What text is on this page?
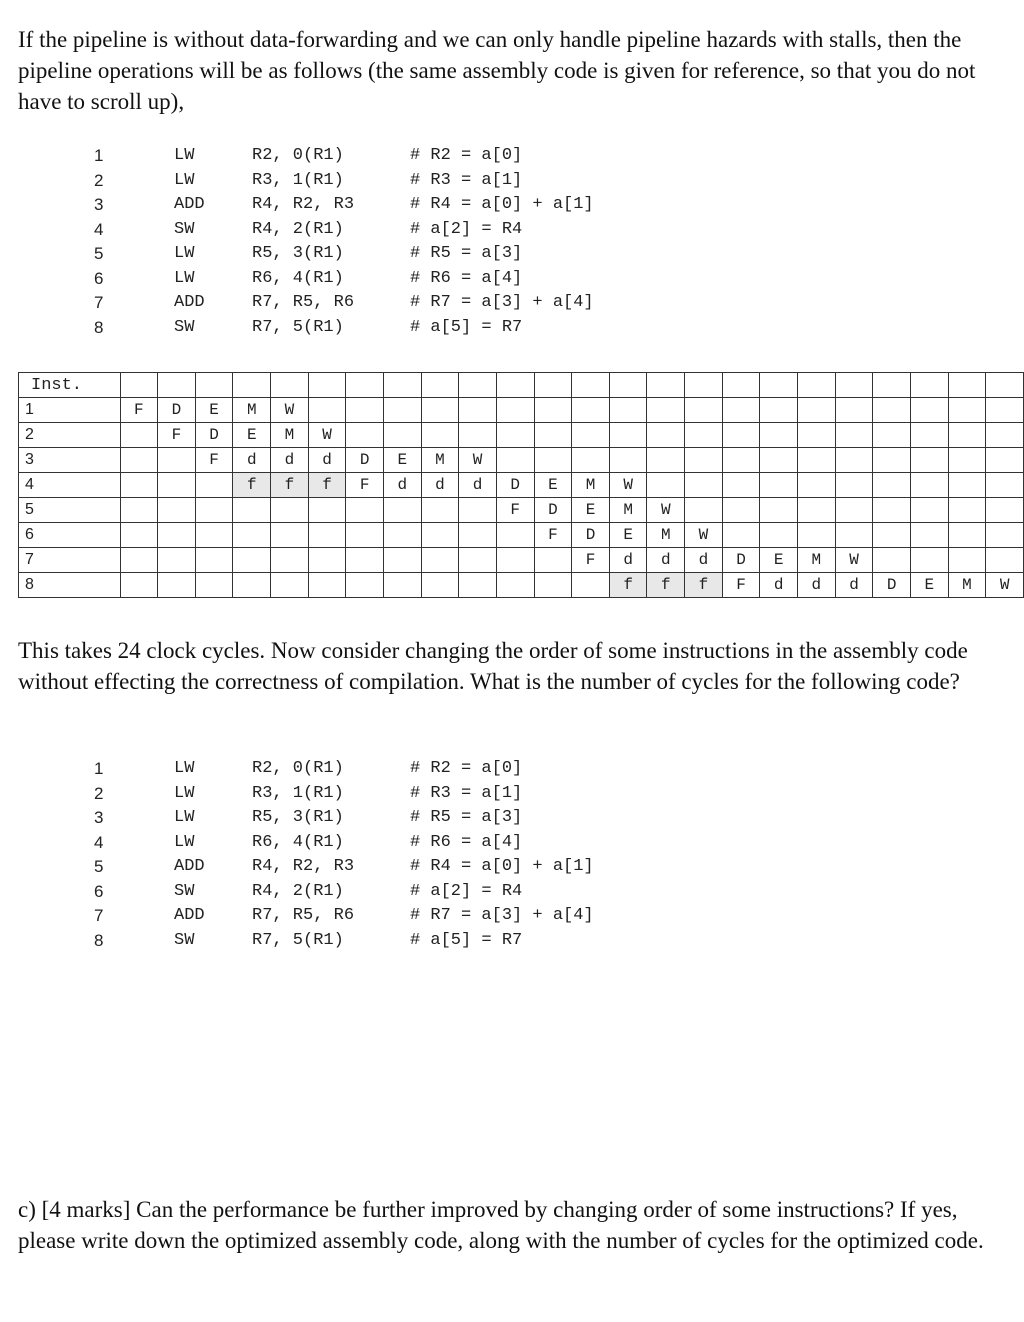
If the pipeline is without data-forwarding and we can only handle pipeline hazards with stalls, then the pipeline operations will be as follows (the same assembly code is given for reference, so that you do not have to scroll up),

1	LW	R2, 0(R1)	# R2 = a[0]
2	LW	R3, 1(R1)	# R3 = a[1]
3	ADD	R4, R2, R3	# R4 = a[0] + a[1]
4	SW	R4, 2(R1)	# a[2] = R4
5	LW	R5, 3(R1)	# R5 = a[3]
6	LW	R6, 4(R1)	# R6 = a[4]
7	ADD	R7, R5, R6	# R7 = a[3] + a[4]
8	SW	R7, 5(R1)	# a[5] = R7
Inst.																								
1	F	D	E	M	W																			
2		F	D	E	M	W																		
3			F	d	d	d	D	E	M	W														
4				f	f	f	F	d	d	d	D	E	M	W										
5											F	D	E	M	W									
6												F	D	E	M	W								
7													F	d	d	d	D	E	M	W				
8														f	f	f	F	d	d	d	D	E	M	W

This takes 24 clock cycles. Now consider changing the order of some instructions in the assembly code without effecting the correctness of compilation. What is the number of cycles for the following code?

1	LW	R2, 0(R1)	# R2 = a[0]
2	LW	R3, 1(R1)	# R3 = a[1]
3	LW	R5, 3(R1)	# R5 = a[3]
4	LW	R6, 4(R1)	# R6 = a[4]
5	ADD	R4, R2, R3	# R4 = a[0] + a[1]
6	SW	R4, 2(R1)	# a[2] = R4
7	ADD	R7, R5, R6	# R7 = a[3] + a[4]
8	SW	R7, 5(R1)	# a[5] = R7

c) [4 marks] Can the performance be further improved by changing order of some instructions? If yes, please write down the optimized assembly code, along with the number of cycles for the optimized code.
